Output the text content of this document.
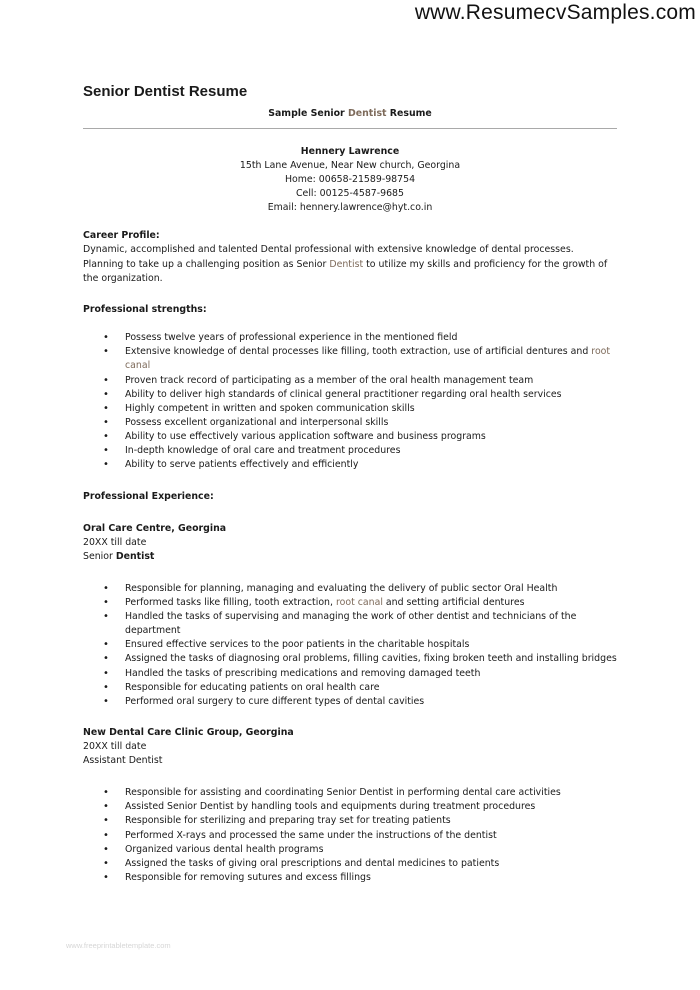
www.ResumecvSamples.com
Senior Dentist Resume
Sample Senior Dentist Resume
Hennery Lawrence
15th Lane Avenue, Near New church, Georgina
Home: 00658-21589-98754
Cell: 00125-4587-9685
Email: hennery.lawrence@hyt.co.in
Career Profile:
Dynamic, accomplished and talented Dental professional with extensive knowledge of dental processes.
Planning to take up a challenging position as Senior Dentist to utilize my skills and proficiency for the growth of
the organization.
Professional strengths:
• Possess twelve years of professional experience in the mentioned field
• Extensive knowledge of dental processes like filling, tooth extraction, use of artificial dentures and root canal
• Proven track record of participating as a member of the oral health management team
• Ability to deliver high standards of clinical general practitioner regarding oral health services
• Highly competent in written and spoken communication skills
• Possess excellent organizational and interpersonal skills
• Ability to use effectively various application software and business programs
• In-depth knowledge of oral care and treatment procedures
• Ability to serve patients effectively and efficiently
Professional Experience:
Oral Care Centre, Georgina
20XX till date
Senior Dentist
• Responsible for planning, managing and evaluating the delivery of public sector Oral Health
• Performed tasks like filling, tooth extraction, root canal and setting artificial dentures
• Handled the tasks of supervising and managing the work of other dentist and technicians of the department
• Ensured effective services to the poor patients in the charitable hospitals
• Assigned the tasks of diagnosing oral problems, filling cavities, fixing broken teeth and installing bridges
• Handled the tasks of prescribing medications and removing damaged teeth
• Responsible for educating patients on oral health care
• Performed oral surgery to cure different types of dental cavities
New Dental Care Clinic Group, Georgina
20XX till date
Assistant Dentist
• Responsible for assisting and coordinating Senior Dentist in performing dental care activities
• Assisted Senior Dentist by handling tools and equipments during treatment procedures
• Responsible for sterilizing and preparing tray set for treating patients
• Performed X-rays and processed the same under the instructions of the dentist
• Organized various dental health programs
• Assigned the tasks of giving oral prescriptions and dental medicines to patients
• Responsible for removing sutures and excess fillings
www.freeprintabletemplate.com
